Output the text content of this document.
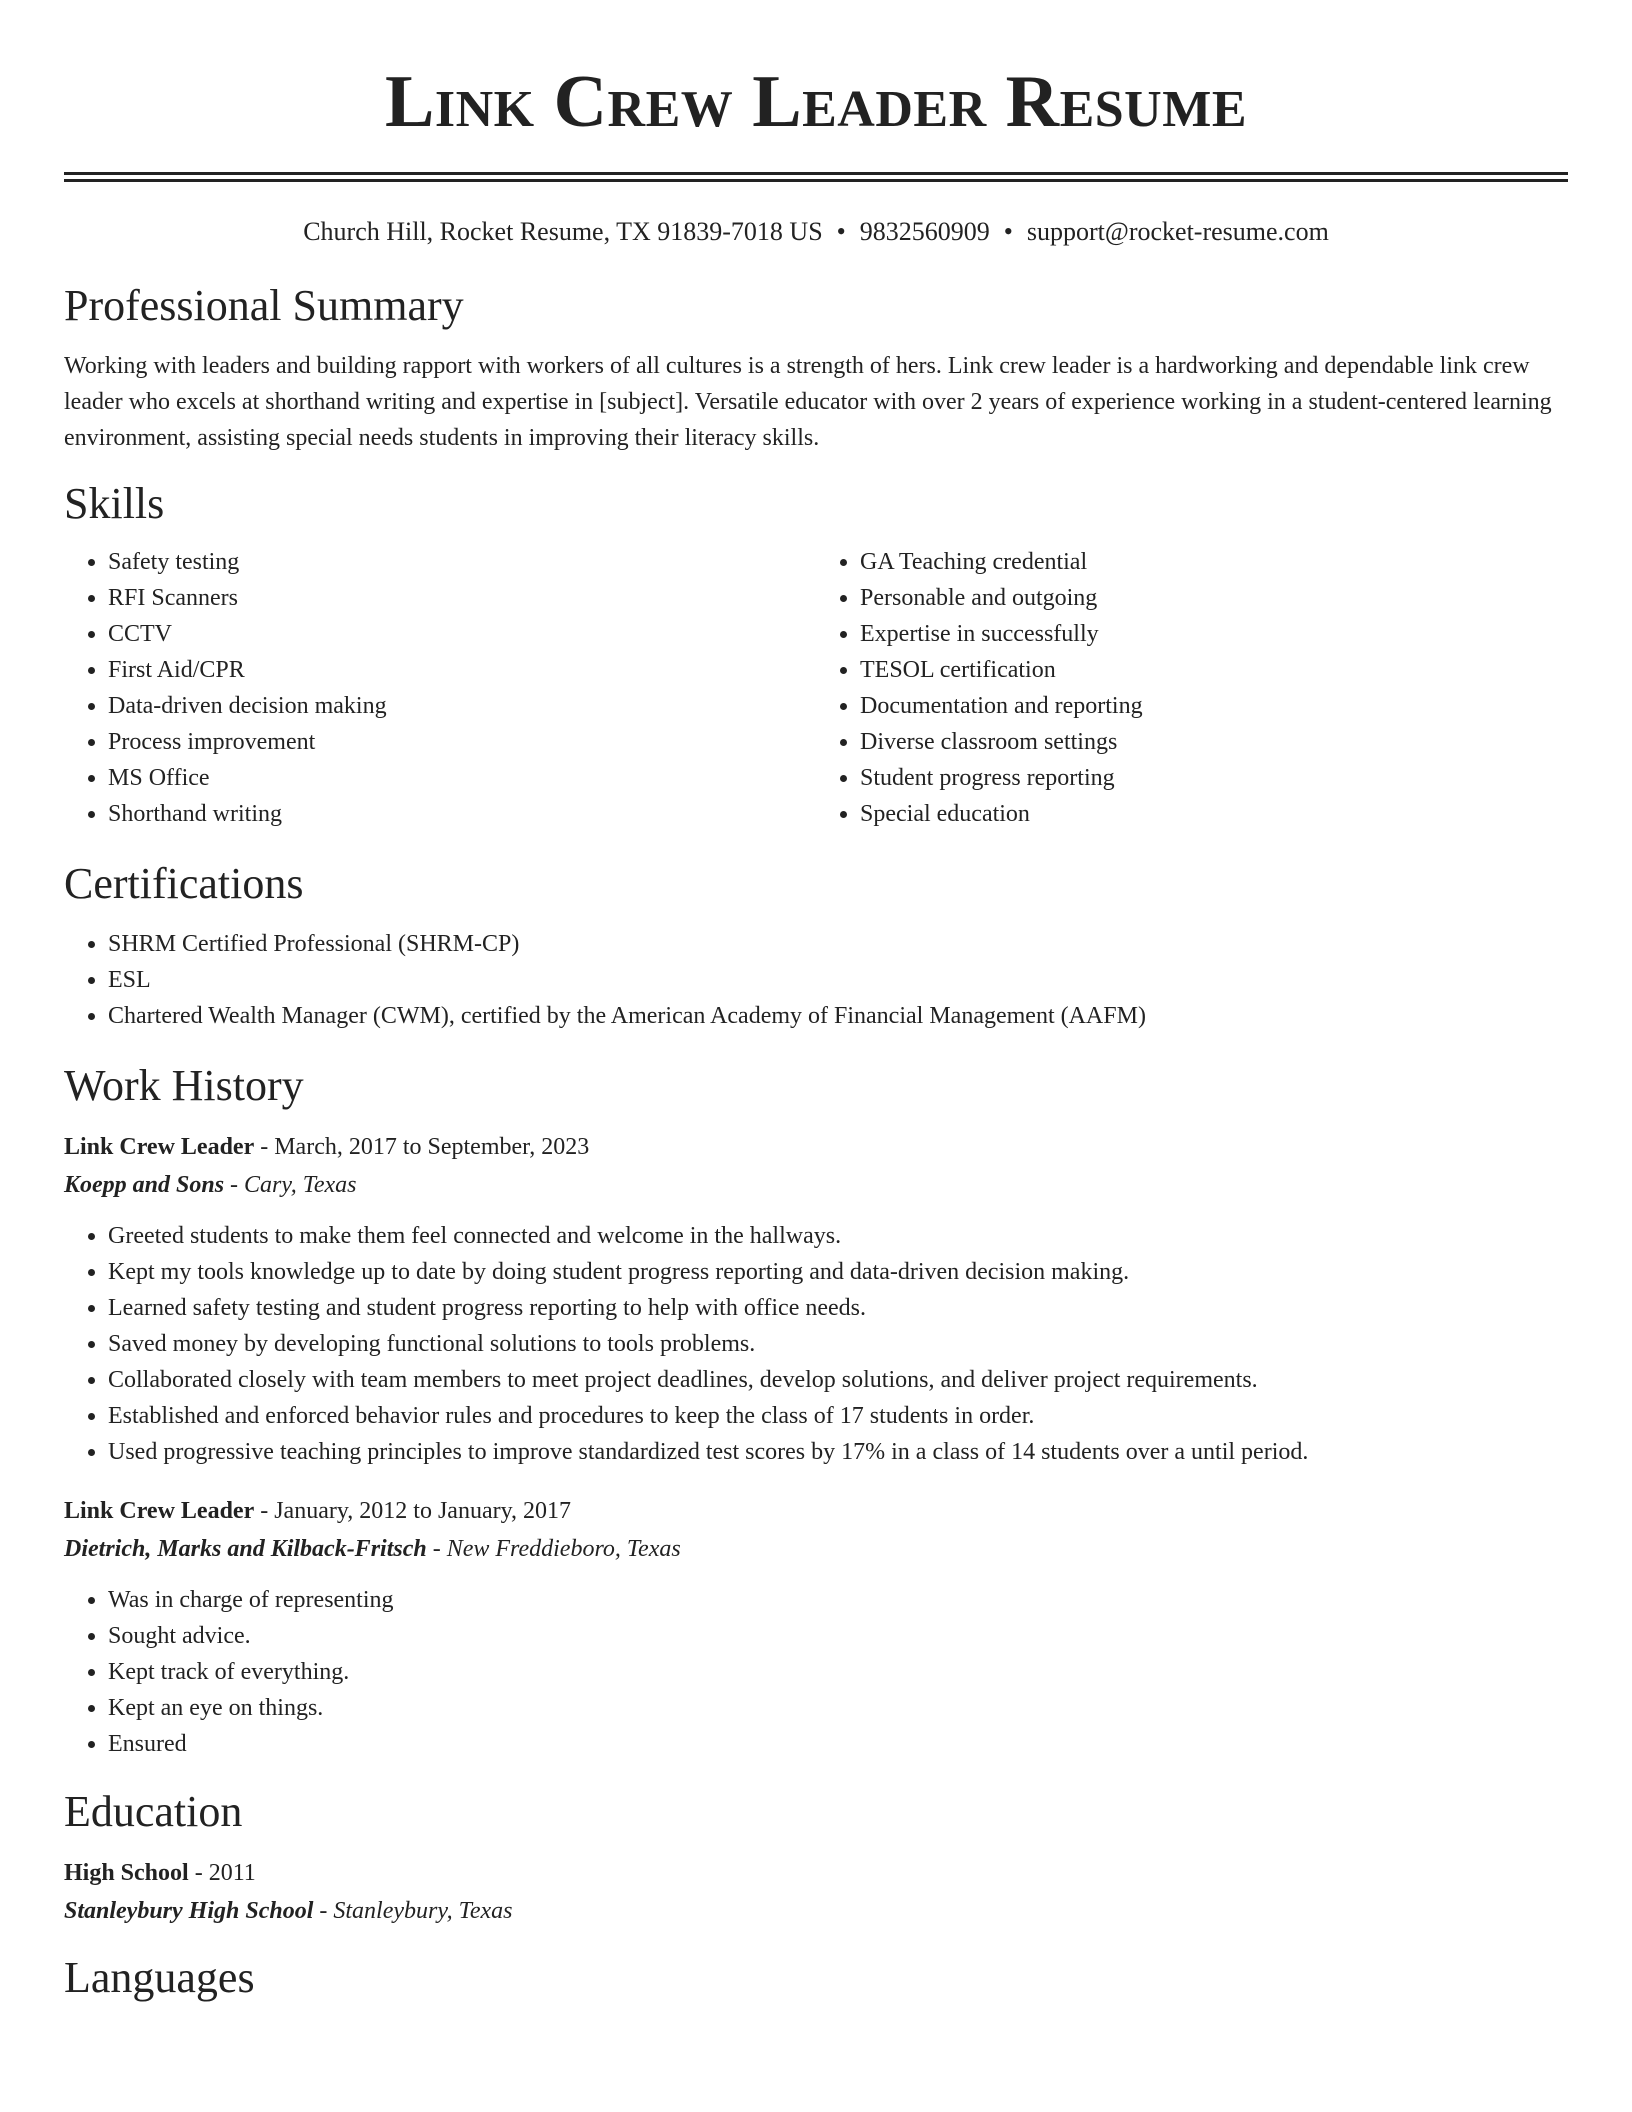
Link Crew Leader Resume
Church Hill, Rocket Resume, TX 91839-7018 US • 9832560909 • support@rocket-resume.com
Professional Summary

Working with leaders and building rapport with workers of all cultures is a strength of hers. Link crew leader is a hardworking and dependable link crew leader who excels at shorthand writing and expertise in [subject]. Versatile educator with over 2 years of experience working in a student-centered learning environment, assisting special needs students in improving their literacy skills.

Skills
• Safety testing
• RFI Scanners
• CCTV
• First Aid/CPR
• Data-driven decision making
• Process improvement
• MS Office
• Shorthand writing
• GA Teaching credential
• Personable and outgoing
• Expertise in successfully
• TESOL certification
• Documentation and reporting
• Diverse classroom settings
• Student progress reporting
• Special education
Certifications
• SHRM Certified Professional (SHRM-CP)
• ESL
• Chartered Wealth Manager (CWM), certified by the American Academy of Financial Management (AAFM)
Work History
Link Crew Leader - March, 2017 to September, 2023
Koepp and Sons - Cary, Texas
• Greeted students to make them feel connected and welcome in the hallways.
• Kept my tools knowledge up to date by doing student progress reporting and data-driven decision making.
• Learned safety testing and student progress reporting to help with office needs.
• Saved money by developing functional solutions to tools problems.
• Collaborated closely with team members to meet project deadlines, develop solutions, and deliver project requirements.
• Established and enforced behavior rules and procedures to keep the class of 17 students in order.
• Used progressive teaching principles to improve standardized test scores by 17% in a class of 14 students over a until period.
Link Crew Leader - January, 2012 to January, 2017
Dietrich, Marks and Kilback-Fritsch - New Freddieboro, Texas
• Was in charge of representing
• Sought advice.
• Kept track of everything.
• Kept an eye on things.
• Ensured
Education
High School - 2011
Stanleybury High School - Stanleybury, Texas
Languages
